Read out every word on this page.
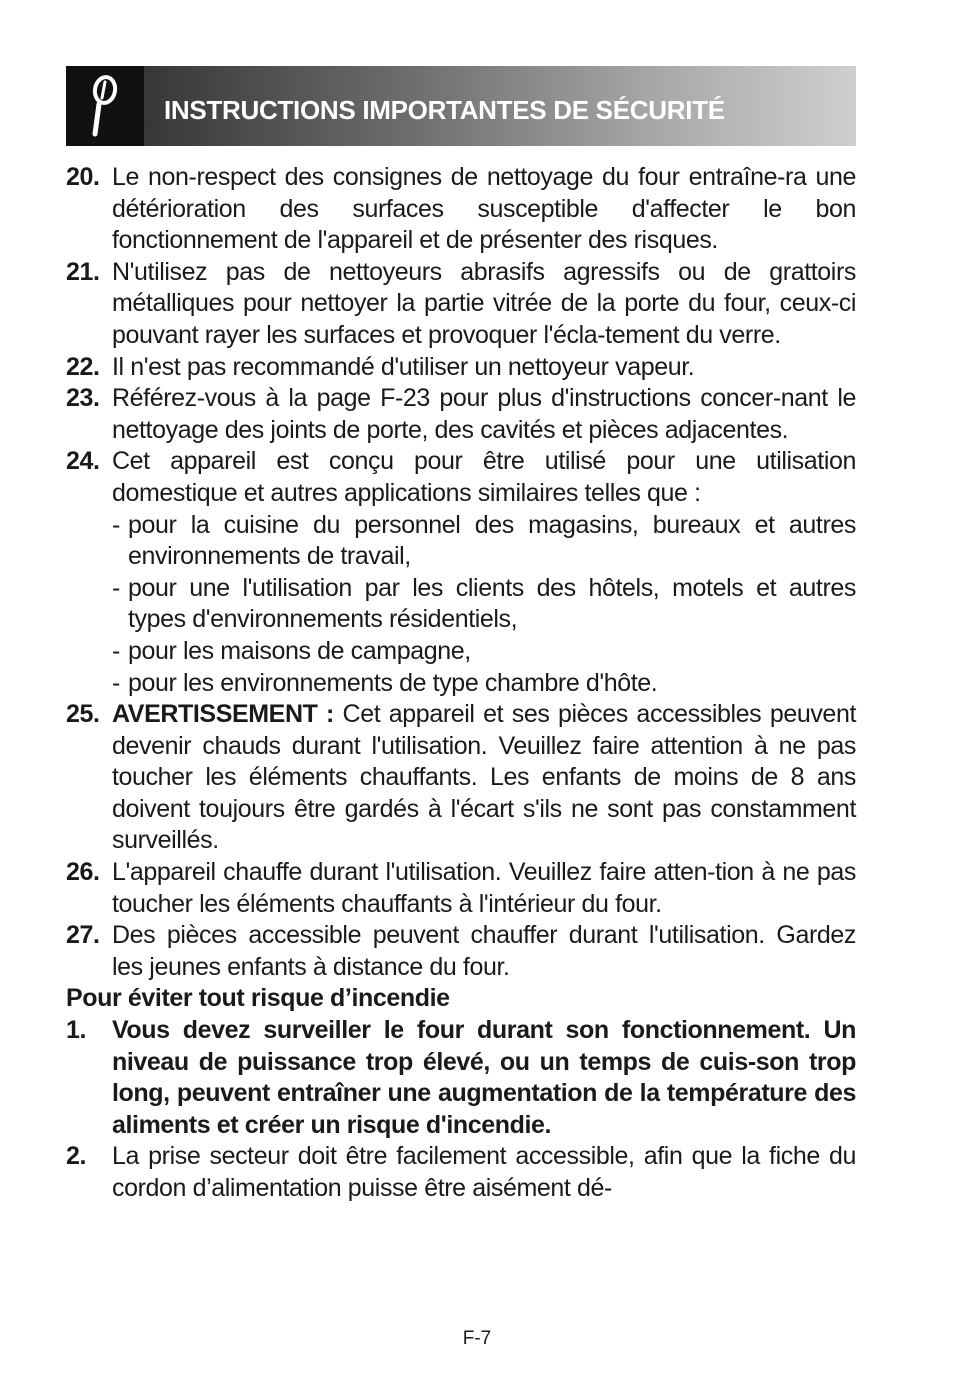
INSTRUCTIONS IMPORTANTES DE SÉCURITÉ
20. Le non-respect des consignes de nettoyage du four entraîne-ra une détérioration des surfaces susceptible d'affecter le bon fonctionnement de l'appareil et de présenter des risques.
21. N'utilisez pas de nettoyeurs abrasifs agressifs ou de grattoirs métalliques pour nettoyer la partie vitrée de la porte du four, ceux-ci pouvant rayer les surfaces et provoquer l'écla-tement du verre.
22. Il n'est pas recommandé d'utiliser un nettoyeur vapeur.
23. Référez-vous à la page F-23 pour plus d'instructions concer-nant le nettoyage des joints de porte, des cavités et pièces adjacentes.
24. Cet appareil est conçu pour être utilisé pour une utilisation domestique et autres applications similaires telles que :
- pour la cuisine du personnel des magasins, bureaux et autres environnements de travail,
- pour une l'utilisation par les clients des hôtels, motels et autres types d'environnements résidentiels,
- pour les maisons de campagne,
- pour les environnements de type chambre d'hôte.
25. AVERTISSEMENT : Cet appareil et ses pièces accessibles peuvent devenir chauds durant l'utilisation. Veuillez faire attention à ne pas toucher les éléments chauffants. Les enfants de moins de 8 ans doivent toujours être gardés à l'écart s'ils ne sont pas constamment surveillés.
26. L'appareil chauffe durant l'utilisation. Veuillez faire atten-tion à ne pas toucher les éléments chauffants à l'intérieur du four.
27. Des pièces accessible peuvent chauffer durant l'utilisation. Gardez les jeunes enfants à distance du four.
Pour éviter tout risque d’incendie
1.	Vous devez surveiller le four durant son fonctionnement. Un niveau de puissance trop élevé, ou un temps de cuis-son trop long, peuvent entraîner une augmentation de la température des aliments et créer un risque d'incendie.
2.	La prise secteur doit être facilement accessible, afin que la fiche du cordon d’alimentation puisse être aisément dé-
F-7
